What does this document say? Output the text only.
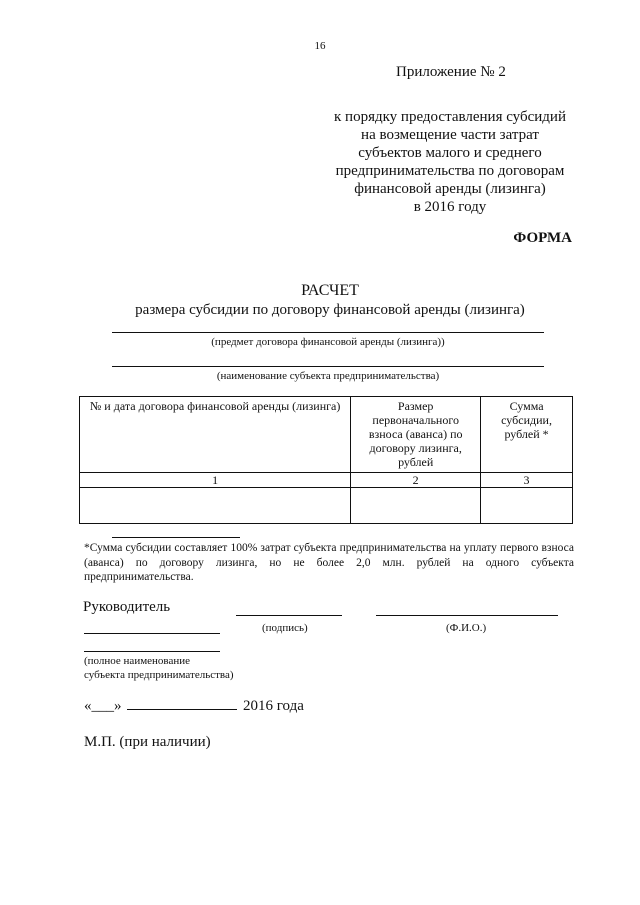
16
Приложение № 2
к порядку предоставления субсидий
на возмещение части затрат
субъектов малого и среднего
предпринимательства по договорам
финансовой аренды (лизинга)
в 2016 году
ФОРМА
РАСЧЕТ
размера субсидии по договору финансовой аренды (лизинга)
(предмет договора финансовой аренды (лизинга))
(наименование субъекта предпринимательства)
№ и дата договора финансовой аренды (лизинга)	Размер первоначального взноса (аванса) по договору лизинга, рублей	Сумма субсидии, рублей *
1	2	3

*Сумма субсидии составляет 100% затрат субъекта предпринимательства на уплату первого взноса (аванса) по договору лизинга, но не более 2,0 млн. рублей на одного субъекта предпринимательства.
Руководитель
(подпись)	(Ф.И.О.)
(полное наименование
субъекта предпринимательства)
«___»	2016 года
М.П. (при наличии)
